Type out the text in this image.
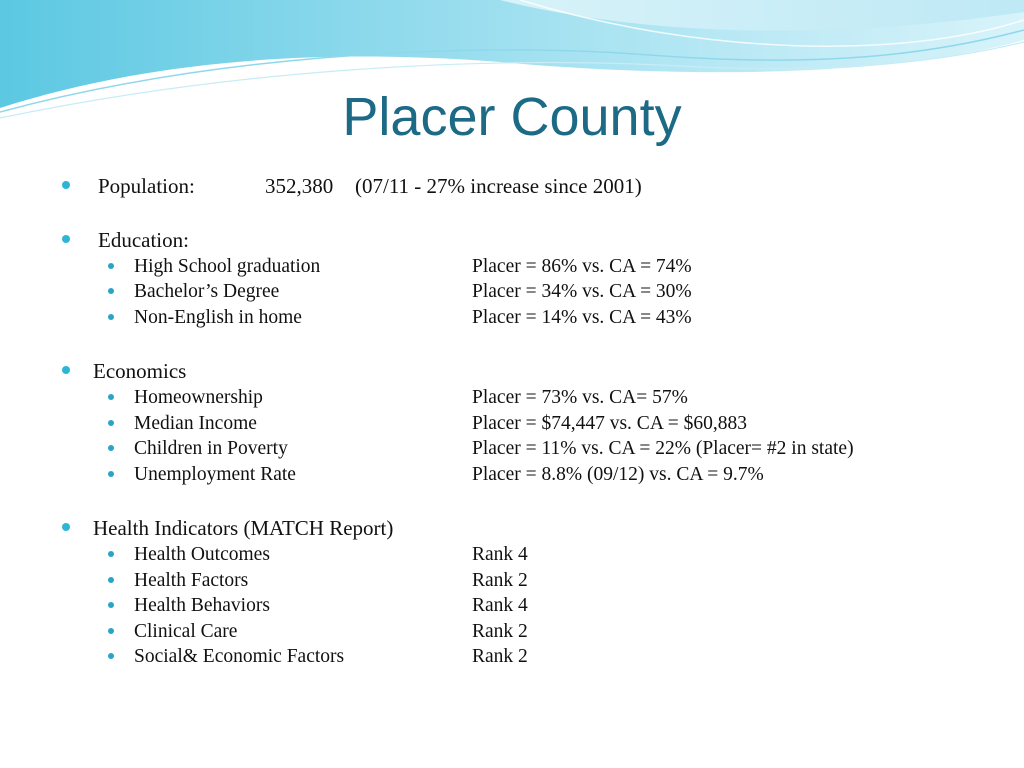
Placer County
Population:	352,380 (07/11 - 27% increase since 2001)
Education:
High School graduation	Placer = 86% vs. CA = 74%
Bachelor’s Degree	Placer = 34% vs. CA = 30%
Non-English in home	Placer = 14% vs. CA = 43%
Economics
Homeownership	Placer = 73% vs. CA= 57%
Median Income	Placer = $74,447 vs. CA = $60,883
Children in Poverty	Placer = 11% vs. CA = 22% (Placer= #2 in state)
Unemployment Rate	Placer = 8.8% (09/12) vs. CA = 9.7%
Health Indicators (MATCH Report)
Health Outcomes	Rank 4
Health Factors	Rank 2
Health Behaviors	Rank 4
Clinical Care	Rank 2
Social& Economic Factors	Rank 2
